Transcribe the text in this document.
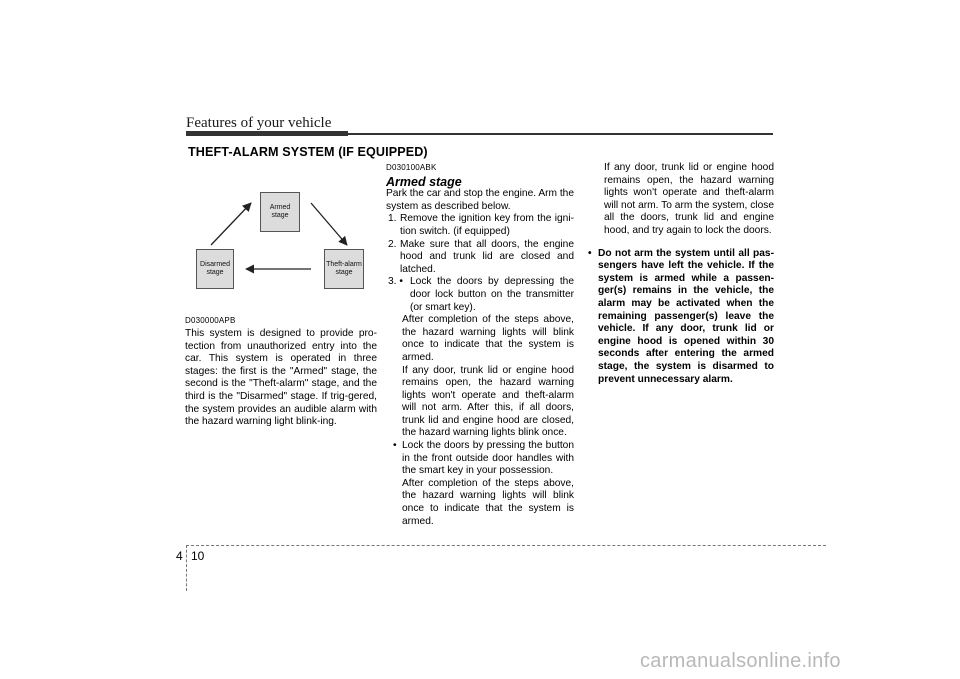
Features of your vehicle
THEFT-ALARM SYSTEM (IF EQUIPPED)
Armed stage
Disarmed stage
Theft-alarm stage
D030000APB
This system is designed to provide pro-tection from unauthorized entry into the car. This system is operated in three stages: the first is the "Armed" stage, the second is the "Theft-alarm" stage, and the third is the "Disarmed" stage. If trig-gered, the system provides an audible alarm with the hazard warning light blink-ing.
D030100ABK
Armed stage

Park the car and stop the engine. Arm the system as described below.

1. Remove the ignition key from the igni-tion switch. (if equipped)
2. Make sure that all doors, the engine hood and trunk lid are closed and latched.
3. • Lock the doors by depressing the door lock button on the transmitter (or smart key).

After completion of the steps above, the hazard warning lights will blink once to indicate that the system is armed.

If any door, trunk lid or engine hood remains open, the hazard warning lights won't operate and theft-alarm will not arm. After this, if all doors, trunk lid and engine hood are closed, the hazard warning lights blink once.

• Lock the doors by pressing the button in the front outside door handles with the smart key in your possession.

After completion of the steps above, the hazard warning lights will blink once to indicate that the system is armed.

If any door, trunk lid or engine hood remains open, the hazard warning lights won't operate and theft-alarm will not arm. To arm the system, close all the doors, trunk lid and engine hood, and try again to lock the doors.

• Do not arm the system until all pas-sengers have left the vehicle. If the system is armed while a passen-ger(s) remains in the vehicle, the alarm may be activated when the remaining passenger(s) leave the vehicle. If any door, trunk lid or engine hood is opened within 30 seconds after entering the armed stage, the system is disarmed to prevent unnecessary alarm.
4 10
carmanualsonline.info
